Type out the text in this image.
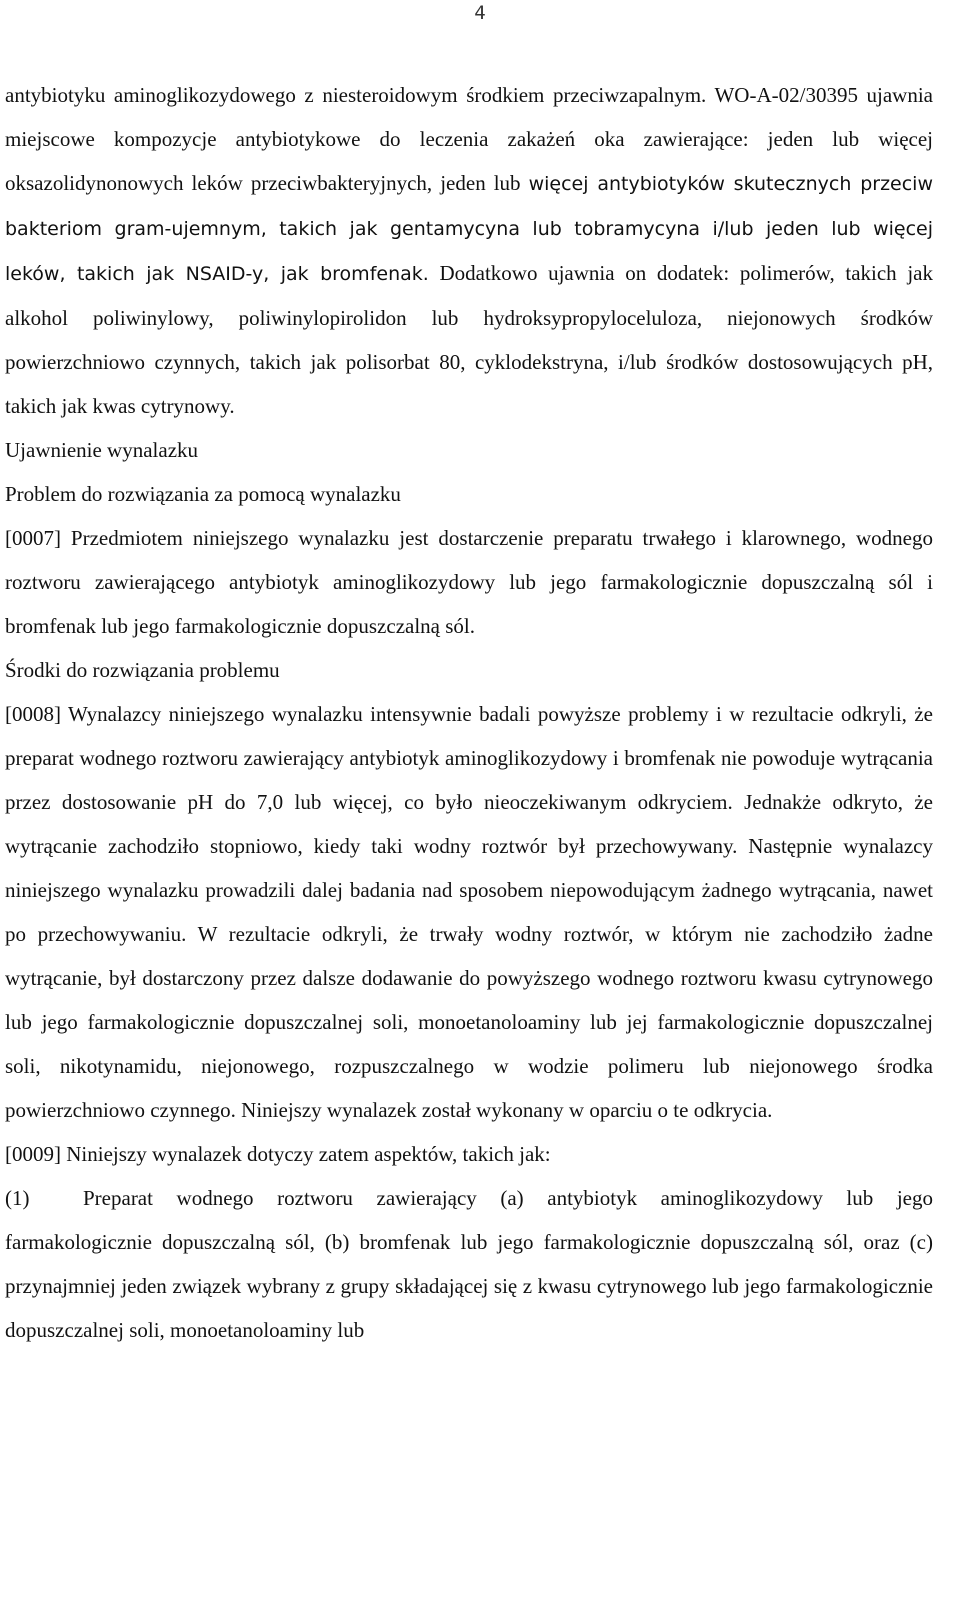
4

antybiotyku aminoglikozydowego z niesteroidowym środkiem przeciwzapalnym. WO-A-02/30395 ujawnia miejscowe kompozycje antybiotykowe do leczenia zakażeń oka zawierające: jeden lub więcej oksazolidynonowych leków przeciwbakteryjnych, jeden lub więcej antybiotyków skutecznych przeciw bakteriom gram-ujemnym, takich jak gentamycyna lub tobramycyna i/lub jeden lub więcej leków, takich jak NSAID-y, jak bromfenak. Dodatkowo ujawnia on dodatek: polimerów, takich jak alkohol poliwinylowy, poliwinylopirolidon lub hydroksypropyloceluloza, niejonowych środków powierzchniowo czynnych, takich jak polisorbat 80, cyklodekstryna, i/lub środków dostosowujących pH, takich jak kwas cytrynowy.

Ujawnienie wynalazku

Problem do rozwiązania za pomocą wynalazku

[0007] Przedmiotem niniejszego wynalazku jest dostarczenie preparatu trwałego i klarownego, wodnego roztworu zawierającego antybiotyk aminoglikozydowy lub jego farmakologicznie dopuszczalną sól i bromfenak lub jego farmakologicznie dopuszczalną sól.

Środki do rozwiązania problemu

[0008] Wynalazcy niniejszego wynalazku intensywnie badali powyższe problemy i w rezultacie odkryli, że preparat wodnego roztworu zawierający antybiotyk aminoglikozydowy i bromfenak nie powoduje wytrącania przez dostosowanie pH do 7,0 lub więcej, co było nieoczekiwanym odkryciem. Jednakże odkryto, że wytrącanie zachodziło stopniowo, kiedy taki wodny roztwór był przechowywany. Następnie wynalazcy niniejszego wynalazku prowadzili dalej badania nad sposobem niepowodującym żadnego wytrącania, nawet po przechowywaniu. W rezultacie odkryli, że trwały wodny roztwór, w którym nie zachodziło żadne wytrącanie, był dostarczony przez dalsze dodawanie do powyższego wodnego roztworu kwasu cytrynowego lub jego farmakologicznie dopuszczalnej soli, monoetanoloaminy lub jej farmakologicznie dopuszczalnej soli, nikotynamidu, niejonowego, rozpuszczalnego w wodzie polimeru lub niejonowego środka powierzchniowo czynnego. Niniejszy wynalazek został wykonany w oparciu o te odkrycia.

[0009] Niniejszy wynalazek dotyczy zatem aspektów, takich jak:

(1)	Preparat wodnego roztworu zawierający (a) antybiotyk aminoglikozydowy lub jego farmakologicznie dopuszczalną sól, (b) bromfenak lub jego farmakologicznie dopuszczalną sól, oraz (c) przynajmniej jeden związek wybrany z grupy składającej się z kwasu cytrynowego lub jego farmakologicznie dopuszczalnej soli, monoetanoloaminy lub
